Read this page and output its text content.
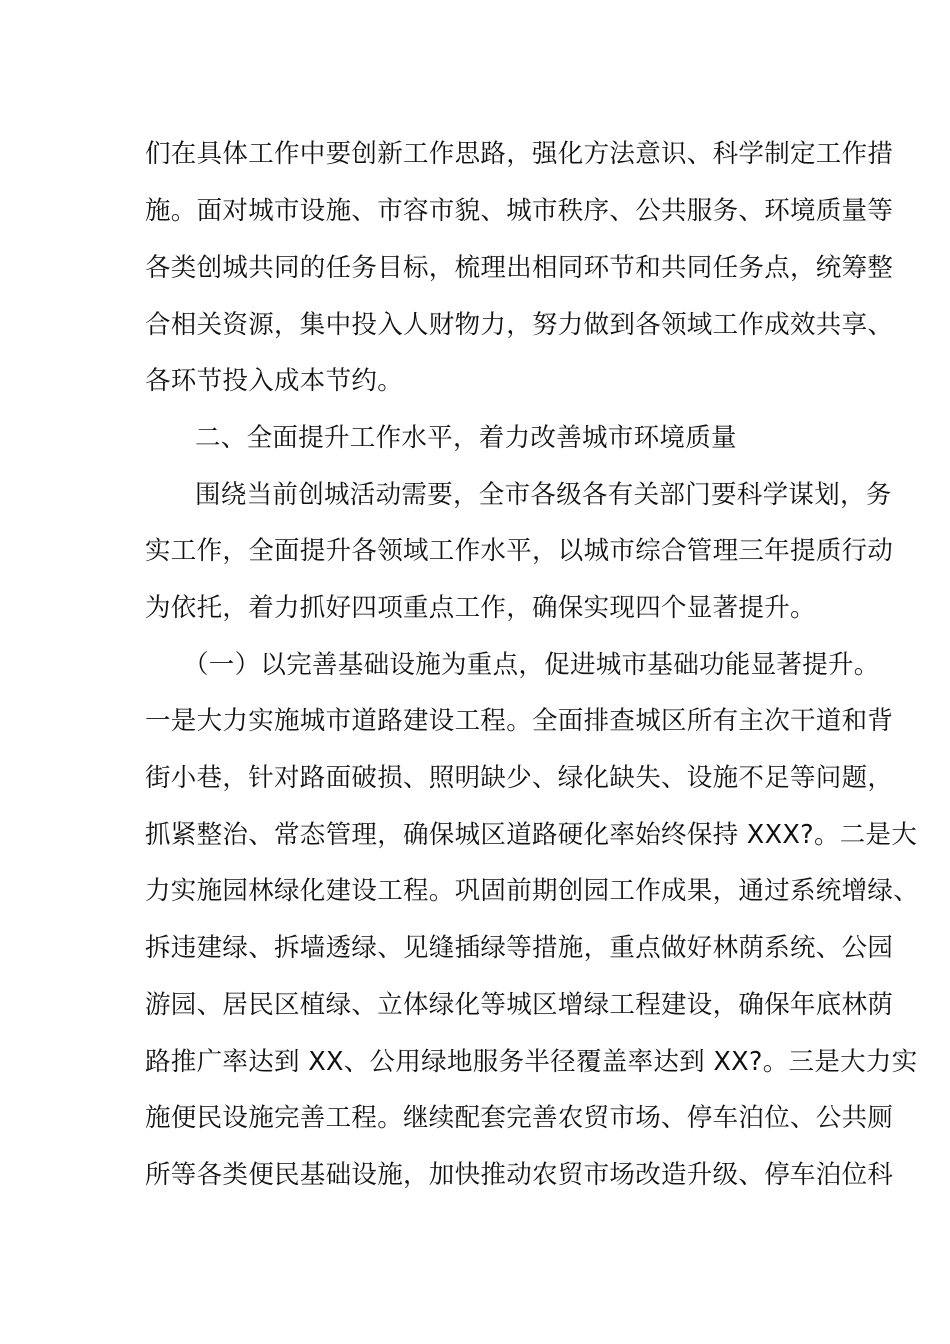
们在具体工作中要创新工作思路，强化方法意识、科学制定工作措
施。面对城市设施、市容市貌、城市秩序、公共服务、环境质量等
各类创城共同的任务目标，梳理出相同环节和共同任务点，统筹整
合相关资源，集中投入人财物力，努力做到各领域工作成效共享、
各环节投入成本节约。
二、全面提升工作水平，着力改善城市环境质量
围绕当前创城活动需要，全市各级各有关部门要科学谋划，务
实工作，全面提升各领域工作水平，以城市综合管理三年提质行动
为依托，着力抓好四项重点工作，确保实现四个显著提升。
（一）以完善基础设施为重点，促进城市基础功能显著提升。
一是大力实施城市道路建设工程。全面排查城区所有主次干道和背
街小巷，针对路面破损、照明缺少、绿化缺失、设施不足等问题，
抓紧整治、常态管理，确保城区道路硬化率始终保持 XXX?。二是大
力实施园林绿化建设工程。巩固前期创园工作成果，通过系统增绿、
拆违建绿、拆墙透绿、见缝插绿等措施，重点做好林荫系统、公园
游园、居民区植绿、立体绿化等城区增绿工程建设，确保年底林荫
路推广率达到 XX、公用绿地服务半径覆盖率达到 XX?。三是大力实
施便民设施完善工程。继续配套完善农贸市场、停车泊位、公共厕
所等各类便民基础设施，加快推动农贸市场改造升级、停车泊位科
